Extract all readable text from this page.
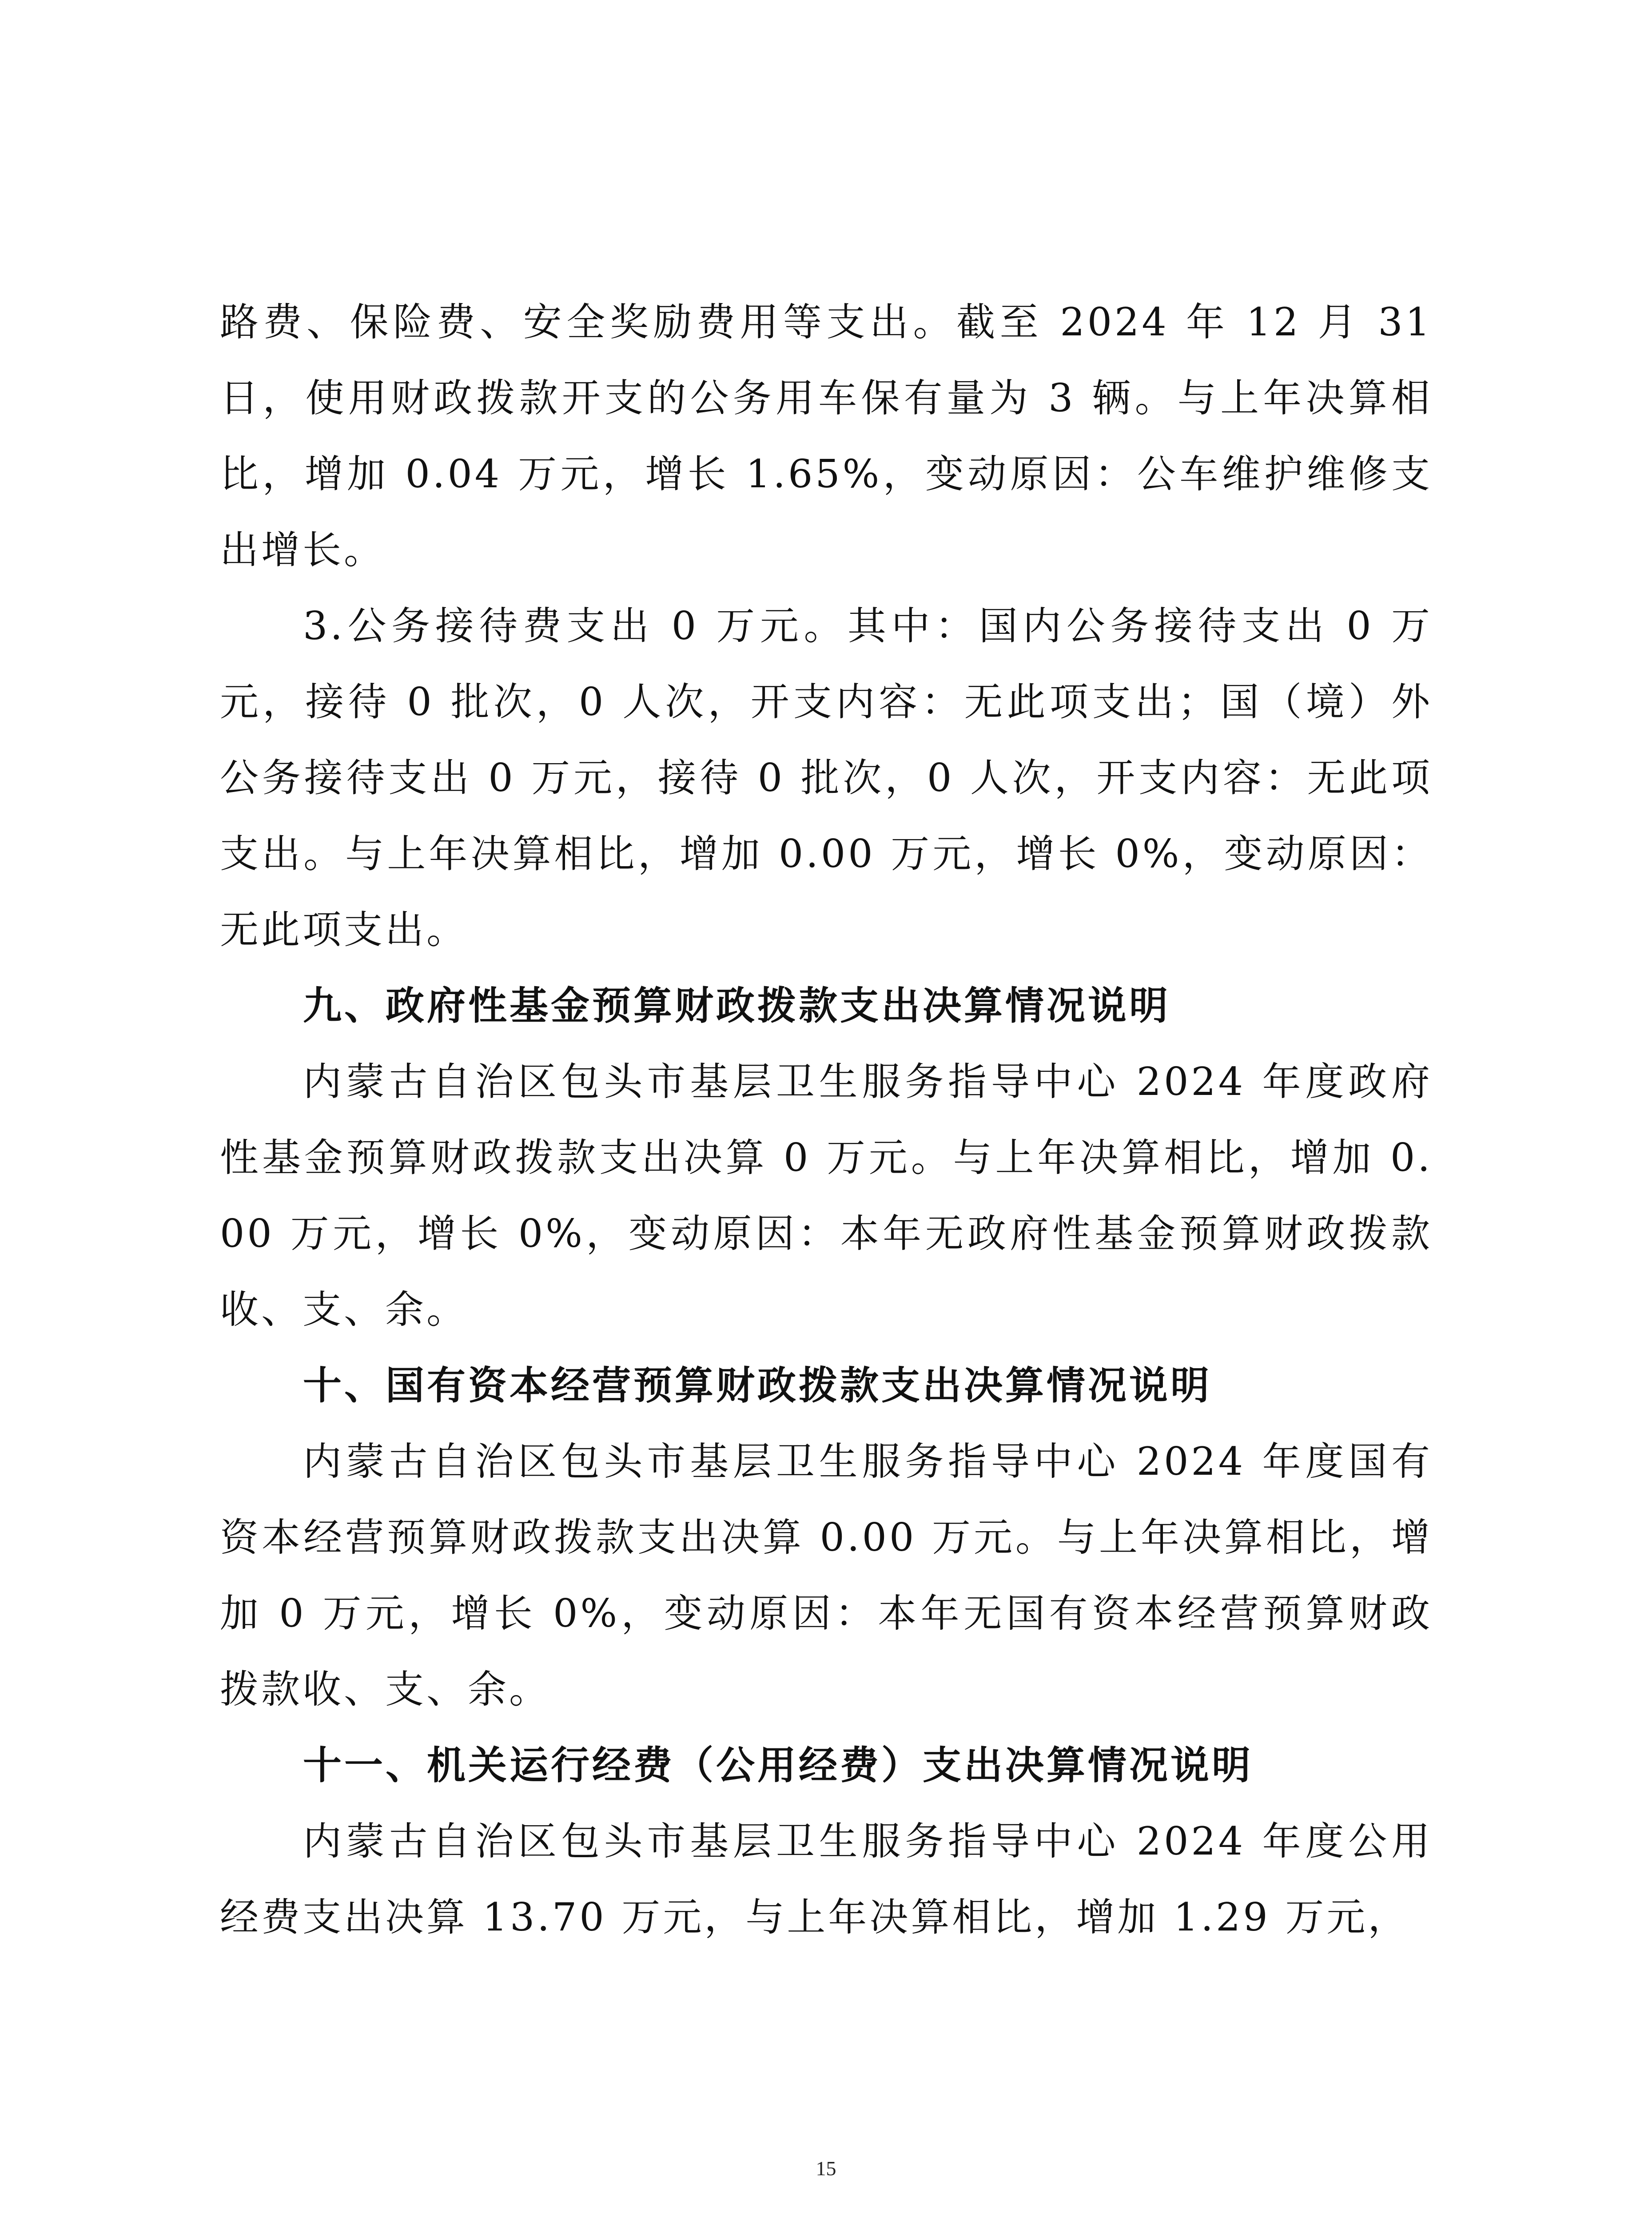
路费、保险费、安全奖励费用等支出。截至 2024 年 12 月 31 日，使用财政拨款开支的公务用车保有量为 3 辆。与上年决算相比，增加 0.04 万元，增长 1.65%，变动原因：公车维护维修支出增长。

3.公务接待费支出 0 万元。其中：国内公务接待支出 0 万元，接待 0 批次，0 人次，开支内容：无此项支出；国（境）外公务接待支出 0 万元，接待 0 批次，0 人次，开支内容：无此项支出。与上年决算相比，增加 0.00 万元，增长 0%，变动原因：无此项支出。

九、政府性基金预算财政拨款支出决算情况说明

内蒙古自治区包头市基层卫生服务指导中心 2024 年度政府性基金预算财政拨款支出决算 0 万元。与上年决算相比，增加 0.00 万元，增长 0%，变动原因：本年无政府性基金预算财政拨款收、支、余。

十、国有资本经营预算财政拨款支出决算情况说明

内蒙古自治区包头市基层卫生服务指导中心 2024 年度国有资本经营预算财政拨款支出决算 0.00 万元。与上年决算相比，增加 0 万元，增长 0%，变动原因：本年无国有资本经营预算财政拨款收、支、余。

十一、机关运行经费（公用经费）支出决算情况说明

内蒙古自治区包头市基层卫生服务指导中心 2024 年度公用经费支出决算 13.70 万元，与上年决算相比，增加 1.29 万元，

15
